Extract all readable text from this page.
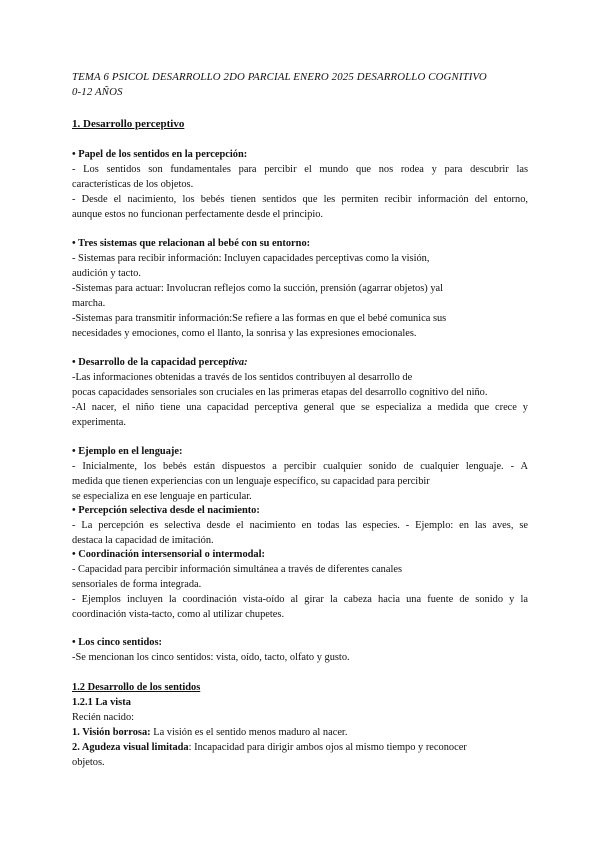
TEMA 6 PSICOL DESARROLLO 2DO PARCIAL ENERO 2025 DESARROLLO COGNITIVO
0-12 AÑOS
1. Desarrollo perceptivo
• Papel de los sentidos en la percepción:
- Los sentidos son fundamentales para percibir el mundo que nos rodea y para descubrir las
características de los objetos.
- Desde el nacimiento, los bebés tienen sentidos que les permiten recibir información del entorno,
aunque estos no funcionan perfectamente desde el principio.
• Tres sistemas que relacionan al bebé con su entorno:
- Sistemas para recibir información: Incluyen capacidades perceptivas como la visión,
audición y tacto.
-Sistemas para actuar: Involucran reflejos como la succión, prensión (agarrar objetos) yal
marcha.
-Sistemas para transmitir información:Se refiere a las formas en que el bebé comunica sus
necesidades y emociones, como el llanto, la sonrisa y las expresiones emocionales.
• Desarrollo de la capacidad perceptiva:
-Las informaciones obtenidas a través de los sentidos contribuyen al desarrollo de
pocas capacidades sensoriales son cruciales en las primeras etapas del desarrollo cognitivo del niño.
-Al nacer, el niño tiene una capacidad perceptiva general que se especializa a medida que crece y
experimenta.
• Ejemplo en el lenguaje:
- Inicialmente, los bebés están dispuestos a percibir cualquier sonido de cualquier lenguaje. - A
medida que tienen experiencias con un lenguaje específico, su capacidad para percibir
se especializa en ese lenguaje en particular.
• Percepción selectiva desde el nacimiento:
- La percepción es selectiva desde el nacimiento en todas las especies. - Ejemplo: en las aves, se
destaca la capacidad de imitación.
• Coordinación intersensorial o intermodal:
- Capacidad para percibir información simultánea a través de diferentes canales
sensoriales de forma integrada.
- Ejemplos incluyen la coordinación vista-oído al girar la cabeza hacia una fuente de sonido y la
coordinación vista-tacto, como al utilizar chupetes.
• Los cinco sentidos:
-Se mencionan los cinco sentidos: vista, oído, tacto, olfato y gusto.
1.2 Desarrollo de los sentidos
1.2.1 La vista
Recién nacido:
1. Visión borrosa: La visión es el sentido menos maduro al nacer.
2. Agudeza visual limitada: Incapacidad para dirigir ambos ojos al mismo tiempo y reconocer
objetos.
